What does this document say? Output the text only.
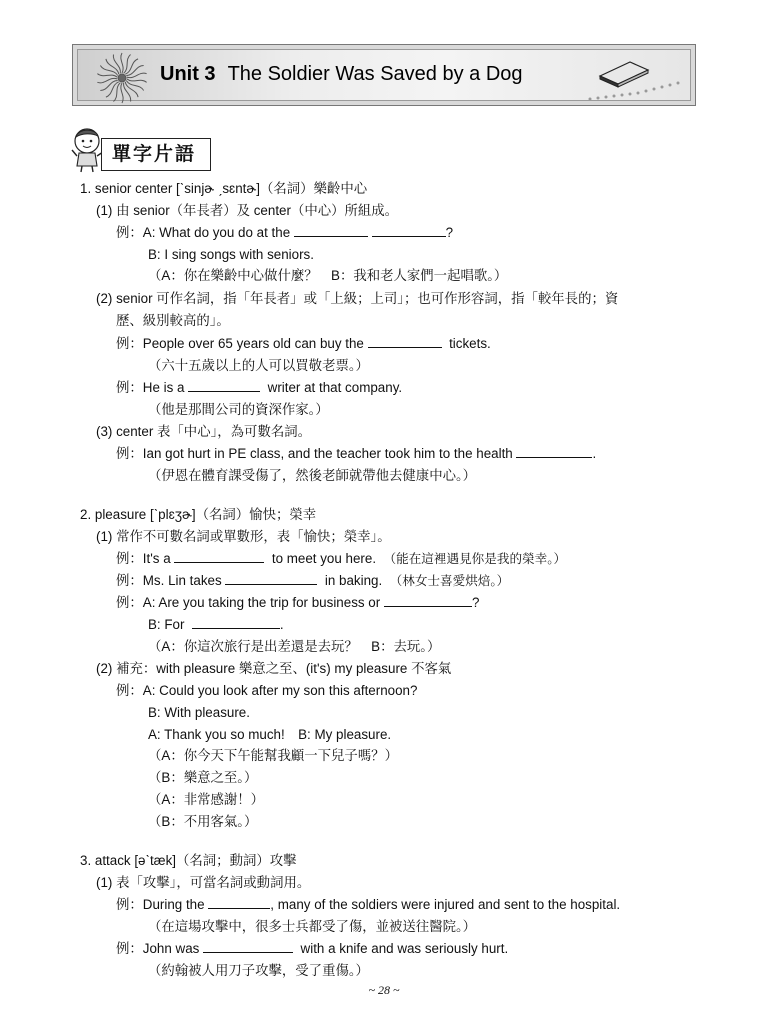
Unit 3 The Soldier Was Saved by a Dog
單字片語
1. senior center [ˋsinjɚ ˏsɛntɚ]（名詞）樂齡中心
(1) 由 senior（年長者）及 center（中心）所組成。
例：A: What do you do at the	?
B: I sing songs with seniors.
（A：你在樂齡中心做什麼？　B：我和老人家們一起唱歌。）
(2) senior 可作名詞，指「年長者」或「上級；上司」；也可作形容詞，指「較年長的；資
歷、級別較高的」。
例：People over 65 years old can buy the	tickets.
（六十五歲以上的人可以買敬老票。）
例：He is a	writer at that company.
（他是那間公司的資深作家。）
(3) center 表「中心」，為可數名詞。
例：Ian got hurt in PE class, and the teacher took him to the health	.
（伊恩在體育課受傷了，然後老師就帶他去健康中心。）
2. pleasure [ˋplɛʒɚ]（名詞）愉快；榮幸
(1) 常作不可數名詞或單數形，表「愉快；榮幸」。
例：It's a	to meet you here. （能在這裡遇見你是我的榮幸。）
例：Ms. Lin takes	in baking. （林女士喜愛烘焙。）
例：A: Are you taking the trip for business or	?
B: For	.
（A：你這次旅行是出差還是去玩？　B：去玩。）
(2) 補充：with pleasure 樂意之至、(it's) my pleasure 不客氣
例：A: Could you look after my son this afternoon?
B: With pleasure.
A: Thank you so much!　B: My pleasure.
（A：你今天下午能幫我顧一下兒子嗎？）
（B：樂意之至。）
（A：非常感謝！）
（B：不用客氣。）
3. attack [əˋtæk]（名詞；動詞）攻擊
(1) 表「攻擊」，可當名詞或動詞用。
例：During the	, many of the soldiers were injured and sent to the hospital.
（在這場攻擊中，很多士兵都受了傷，並被送往醫院。）
例：John was	with a knife and was seriously hurt.
（約翰被人用刀子攻擊，受了重傷。）
~ 28 ~
